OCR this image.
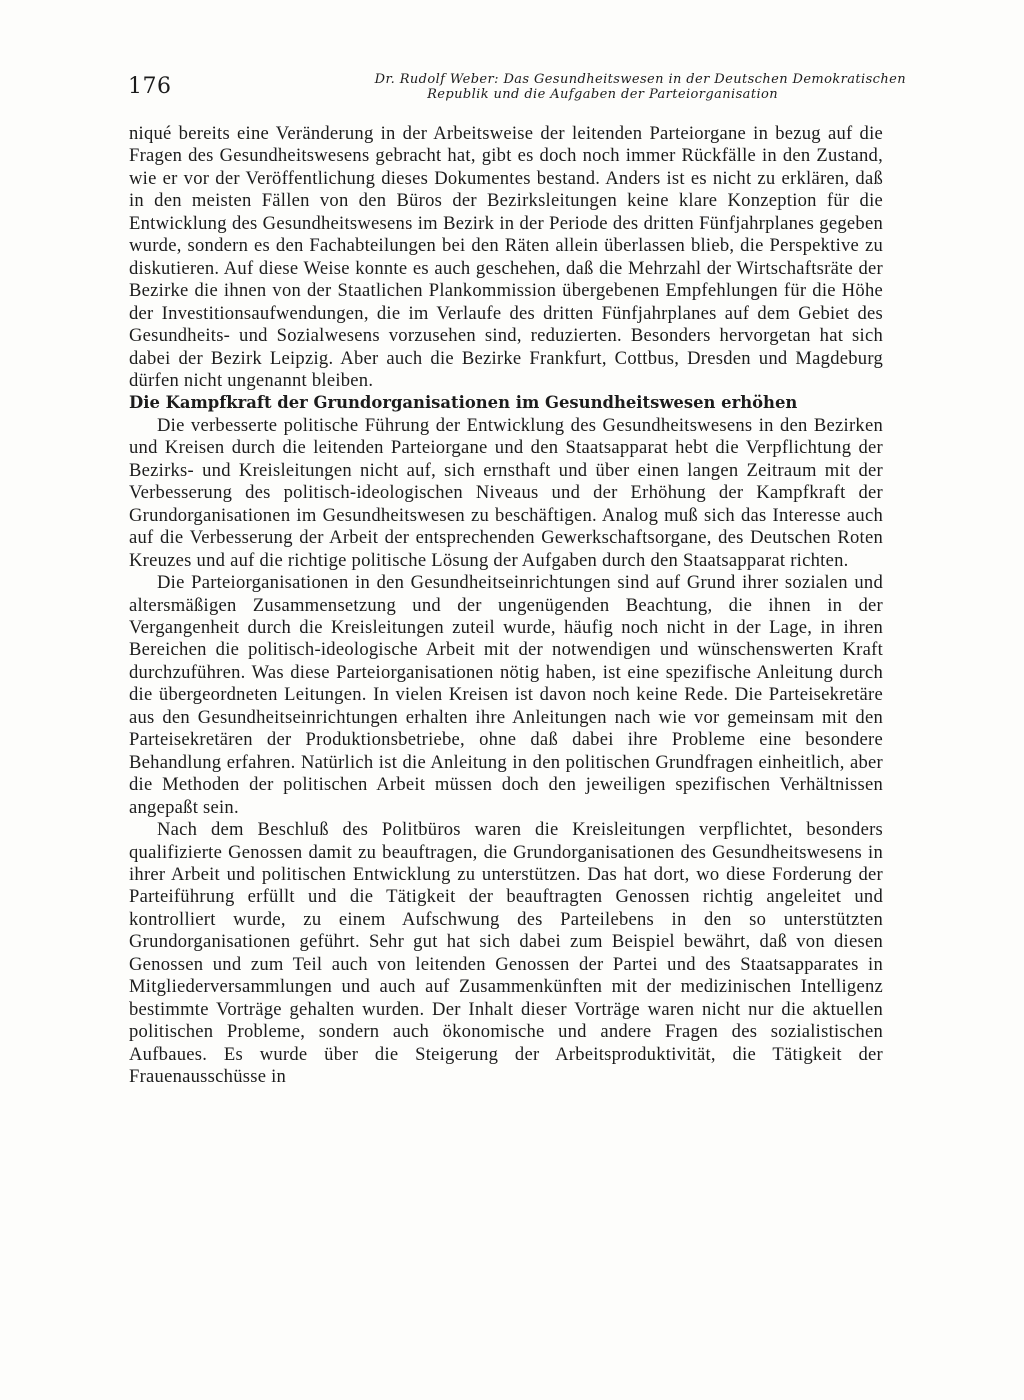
176	Dr. Rudolf Weber: Das Gesundheitswesen in der Deutschen Demokratischen
Republik und die Aufgaben der Parteiorganisation

niqué bereits eine Veränderung in der Arbeitsweise der leitenden Parteiorgane in bezug auf die Fragen des Gesundheitswesens gebracht hat, gibt es doch noch immer Rückfälle in den Zustand, wie er vor der Veröffentlichung dieses Dokumentes bestand. Anders ist es nicht zu erklären, daß in den meisten Fällen von den Büros der Bezirksleitungen keine klare Konzeption für die Entwicklung des Gesundheitswesens im Bezirk in der Periode des dritten Fünfjahrplanes gegeben wurde, sondern es den Fachabteilungen bei den Räten allein überlassen blieb, die Perspektive zu diskutieren. Auf diese Weise konnte es auch geschehen, daß die Mehrzahl der Wirtschaftsräte der Bezirke die ihnen von der Staatlichen Plankommission übergebenen Empfehlungen für die Höhe der Investitionsaufwendungen, die im Verlaufe des dritten Fünfjahrplanes auf dem Gebiet des Gesundheits- und Sozialwesens vorzusehen sind, reduzierten. Besonders hervorgetan hat sich dabei der Bezirk Leipzig. Aber auch die Bezirke Frankfurt, Cottbus, Dresden und Magdeburg dürfen nicht ungenannt bleiben.

Die Kampfkraft der Grundorganisationen im Gesundheitswesen erhöhen

Die verbesserte politische Führung der Entwicklung des Gesundheitswesens in den Bezirken und Kreisen durch die leitenden Parteiorgane und den Staatsapparat hebt die Verpflichtung der Bezirks- und Kreisleitungen nicht auf, sich ernsthaft und über einen langen Zeitraum mit der Verbesserung des politisch-ideologischen Niveaus und der Erhöhung der Kampfkraft der Grundorganisationen im Gesundheitswesen zu beschäftigen. Analog muß sich das Interesse auch auf die Verbesserung der Arbeit der entsprechenden Gewerkschaftsorgane, des Deutschen Roten Kreuzes und auf die richtige politische Lösung der Aufgaben durch den Staatsapparat richten.

Die Parteiorganisationen in den Gesundheitseinrichtungen sind auf Grund ihrer sozialen und altersmäßigen Zusammensetzung und der ungenügenden Beachtung, die ihnen in der Vergangenheit durch die Kreisleitungen zuteil wurde, häufig noch nicht in der Lage, in ihren Bereichen die politisch-ideologische Arbeit mit der notwendigen und wünschenswerten Kraft durchzuführen. Was diese Parteiorganisationen nötig haben, ist eine spezifische Anleitung durch die übergeordneten Leitungen. In vielen Kreisen ist davon noch keine Rede. Die Parteisekretäre aus den Gesundheitseinrichtungen erhalten ihre Anleitungen nach wie vor gemeinsam mit den Parteisekretären der Produktionsbetriebe, ohne daß dabei ihre Probleme eine besondere Behandlung erfahren. Natürlich ist die Anleitung in den politischen Grundfragen einheitlich, aber die Methoden der politischen Arbeit müssen doch den jeweiligen spezifischen Verhältnissen angepaßt sein.

Nach dem Beschluß des Politbüros waren die Kreisleitungen verpflichtet, besonders qualifizierte Genossen damit zu beauftragen, die Grundorganisationen des Gesundheitswesens in ihrer Arbeit und politischen Entwicklung zu unterstützen. Das hat dort, wo diese Forderung der Parteiführung erfüllt und die Tätigkeit der beauftragten Genossen richtig angeleitet und kontrolliert wurde, zu einem Aufschwung des Parteilebens in den so unterstützten Grundorganisationen geführt. Sehr gut hat sich dabei zum Beispiel bewährt, daß von diesen Genossen und zum Teil auch von leitenden Genossen der Partei und des Staatsapparates in Mitgliederversammlungen und auch auf Zusammenkünften mit der medizinischen Intelligenz bestimmte Vorträge gehalten wurden. Der Inhalt dieser Vorträge waren nicht nur die aktuellen politischen Probleme, sondern auch ökonomische und andere Fragen des sozialistischen Aufbaues. Es wurde über die Steigerung der Arbeitsproduktivität, die Tätigkeit der Frauenausschüsse in
